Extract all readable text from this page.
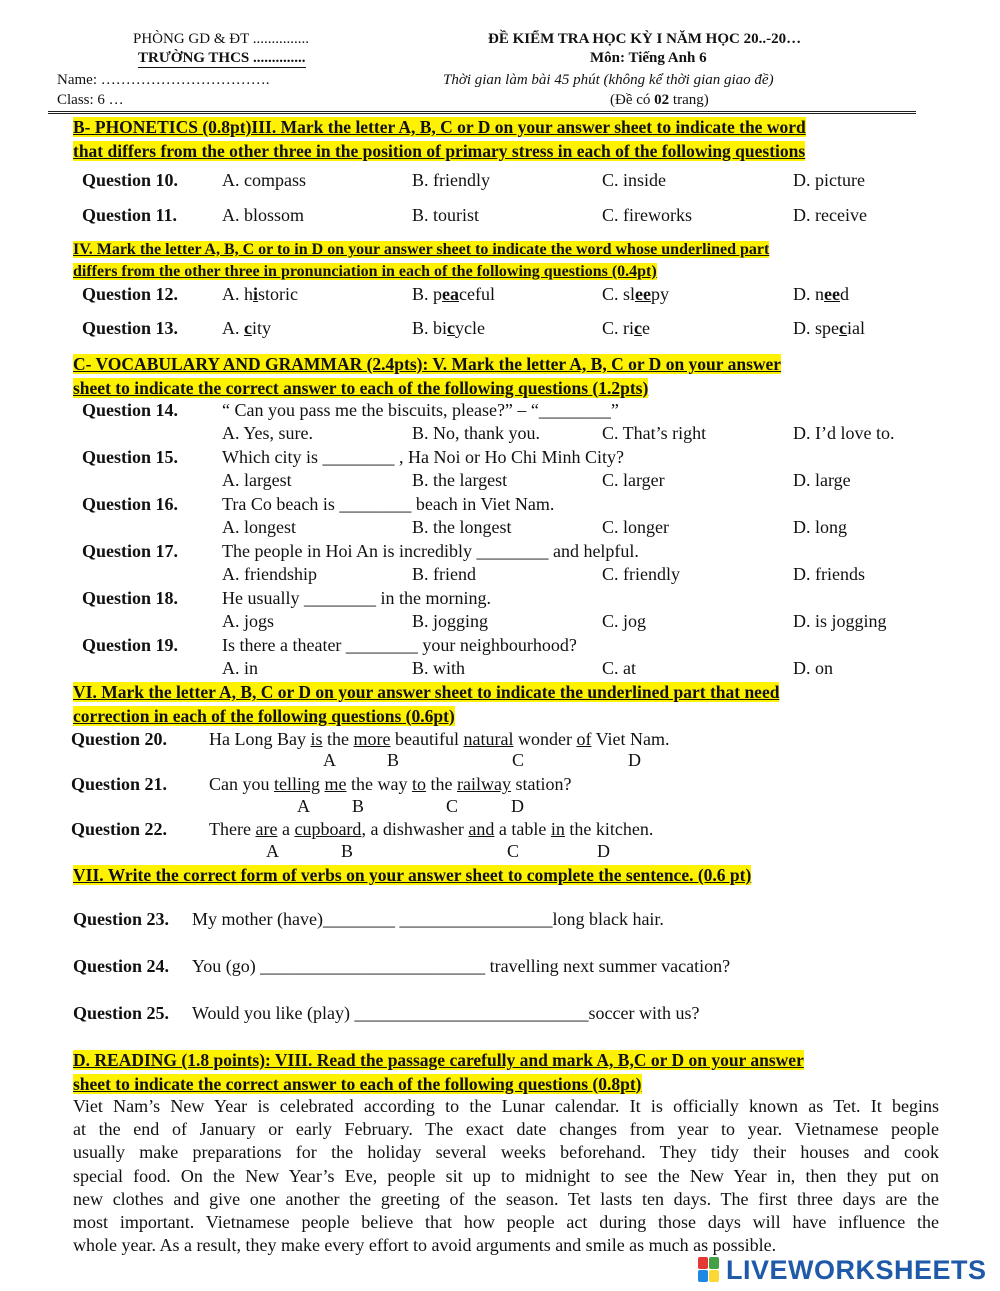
PHÒNG GD & ĐT ...............
TRƯỜNG THCS ..............
Name: …………………………….
Class: 6 …
ĐỀ KIỂM TRA HỌC KỲ I NĂM HỌC 20..-20…
Môn: Tiếng Anh 6
Thời gian làm bài 45 phút (không kể thời gian giao đề)
(Đề có 02 trang)
B- PHONETICS (0.8pt)III. Mark the letter A, B, C or D on your answer sheet to indicate the word
that differs from the other three in the position of primary stress in each of the following questions
Question 10. A. compass	B. friendly	C. inside	D. picture
Question 11. A. blossom	B. tourist	C. fireworks	D. receive
IV. Mark the letter A, B, C or to in D on your answer sheet to indicate the word whose underlined part
differs from the other three in pronunciation in each of the following questions (0.4pt)
Question 12. A. historic	B. peaceful	C. sleepy	D. need
Question 13. A. city	B. bicycle	C. rice	D. special
C- VOCABULARY AND GRAMMAR (2.4pts): V. Mark the letter A, B, C or D on your answer
sheet to indicate the correct answer to each of the following questions (1.2pts)
Question 14. “ Can you pass me the biscuits, please?” – “________”
A. Yes, sure.	B. No, thank you.	C. That’s right	D. I’d love to.
Question 15. Which city is ________ , Ha Noi or Ho Chi Minh City?
A. largest	B. the largest	C. larger	D. large
Question 16. Tra Co beach is ________ beach in Viet Nam.
A. longest	B. the longest	C. longer	D. long
Question 17. The people in Hoi An is incredibly ________ and helpful.
A. friendship	B. friend	C. friendly	D. friends
Question 18. He usually ________ in the morning.
A. jogs	B. jogging	C. jog	D. is jogging
Question 19. Is there a theater ________ your neighbourhood?
A. in	B. with	C. at	D. on
VI. Mark the letter A, B, C or D on your answer sheet to indicate the underlined part that need
correction in each of the following questions (0.6pt)
Question 20. Ha Long Bay is the more beautiful natural wonder of Viet Nam.
A	B	C	D
Question 21. Can you telling me the way to the railway station?
A B	C	D
Question 22. There are a cupboard, a dishwasher and a table in the kitchen.
A	B	C	D
VII. Write the correct form of verbs on your answer sheet to complete the sentence. (0.6 pt)
Question 23. My mother (have)________ _________________long black hair.
Question 24. You (go) _________________________ travelling next summer vacation?
Question 25. Would you like (play) __________________________soccer with us?
D. READING (1.8 points): VIII. Read the passage carefully and mark A, B,C or D on your answer
sheet to indicate the correct answer to each of the following questions (0.8pt)
Viet Nam’s New Year is celebrated according to the Lunar calendar. It is officially known as Tet. It begins
at the end of January or early February. The exact date changes from year to year. Vietnamese people
usually make preparations for the holiday several weeks beforehand. They tidy their houses and cook
special food. On the New Year’s Eve, people sit up to midnight to see the New Year in, then they put on
new clothes and give one another the greeting of the season. Tet lasts ten days. The first three days are the
most important. Vietnamese people believe that how people act during those days will have influence the
whole year. As a result, they make every effort to avoid arguments and smile as much as possible.
LIVEWORKSHEETS
